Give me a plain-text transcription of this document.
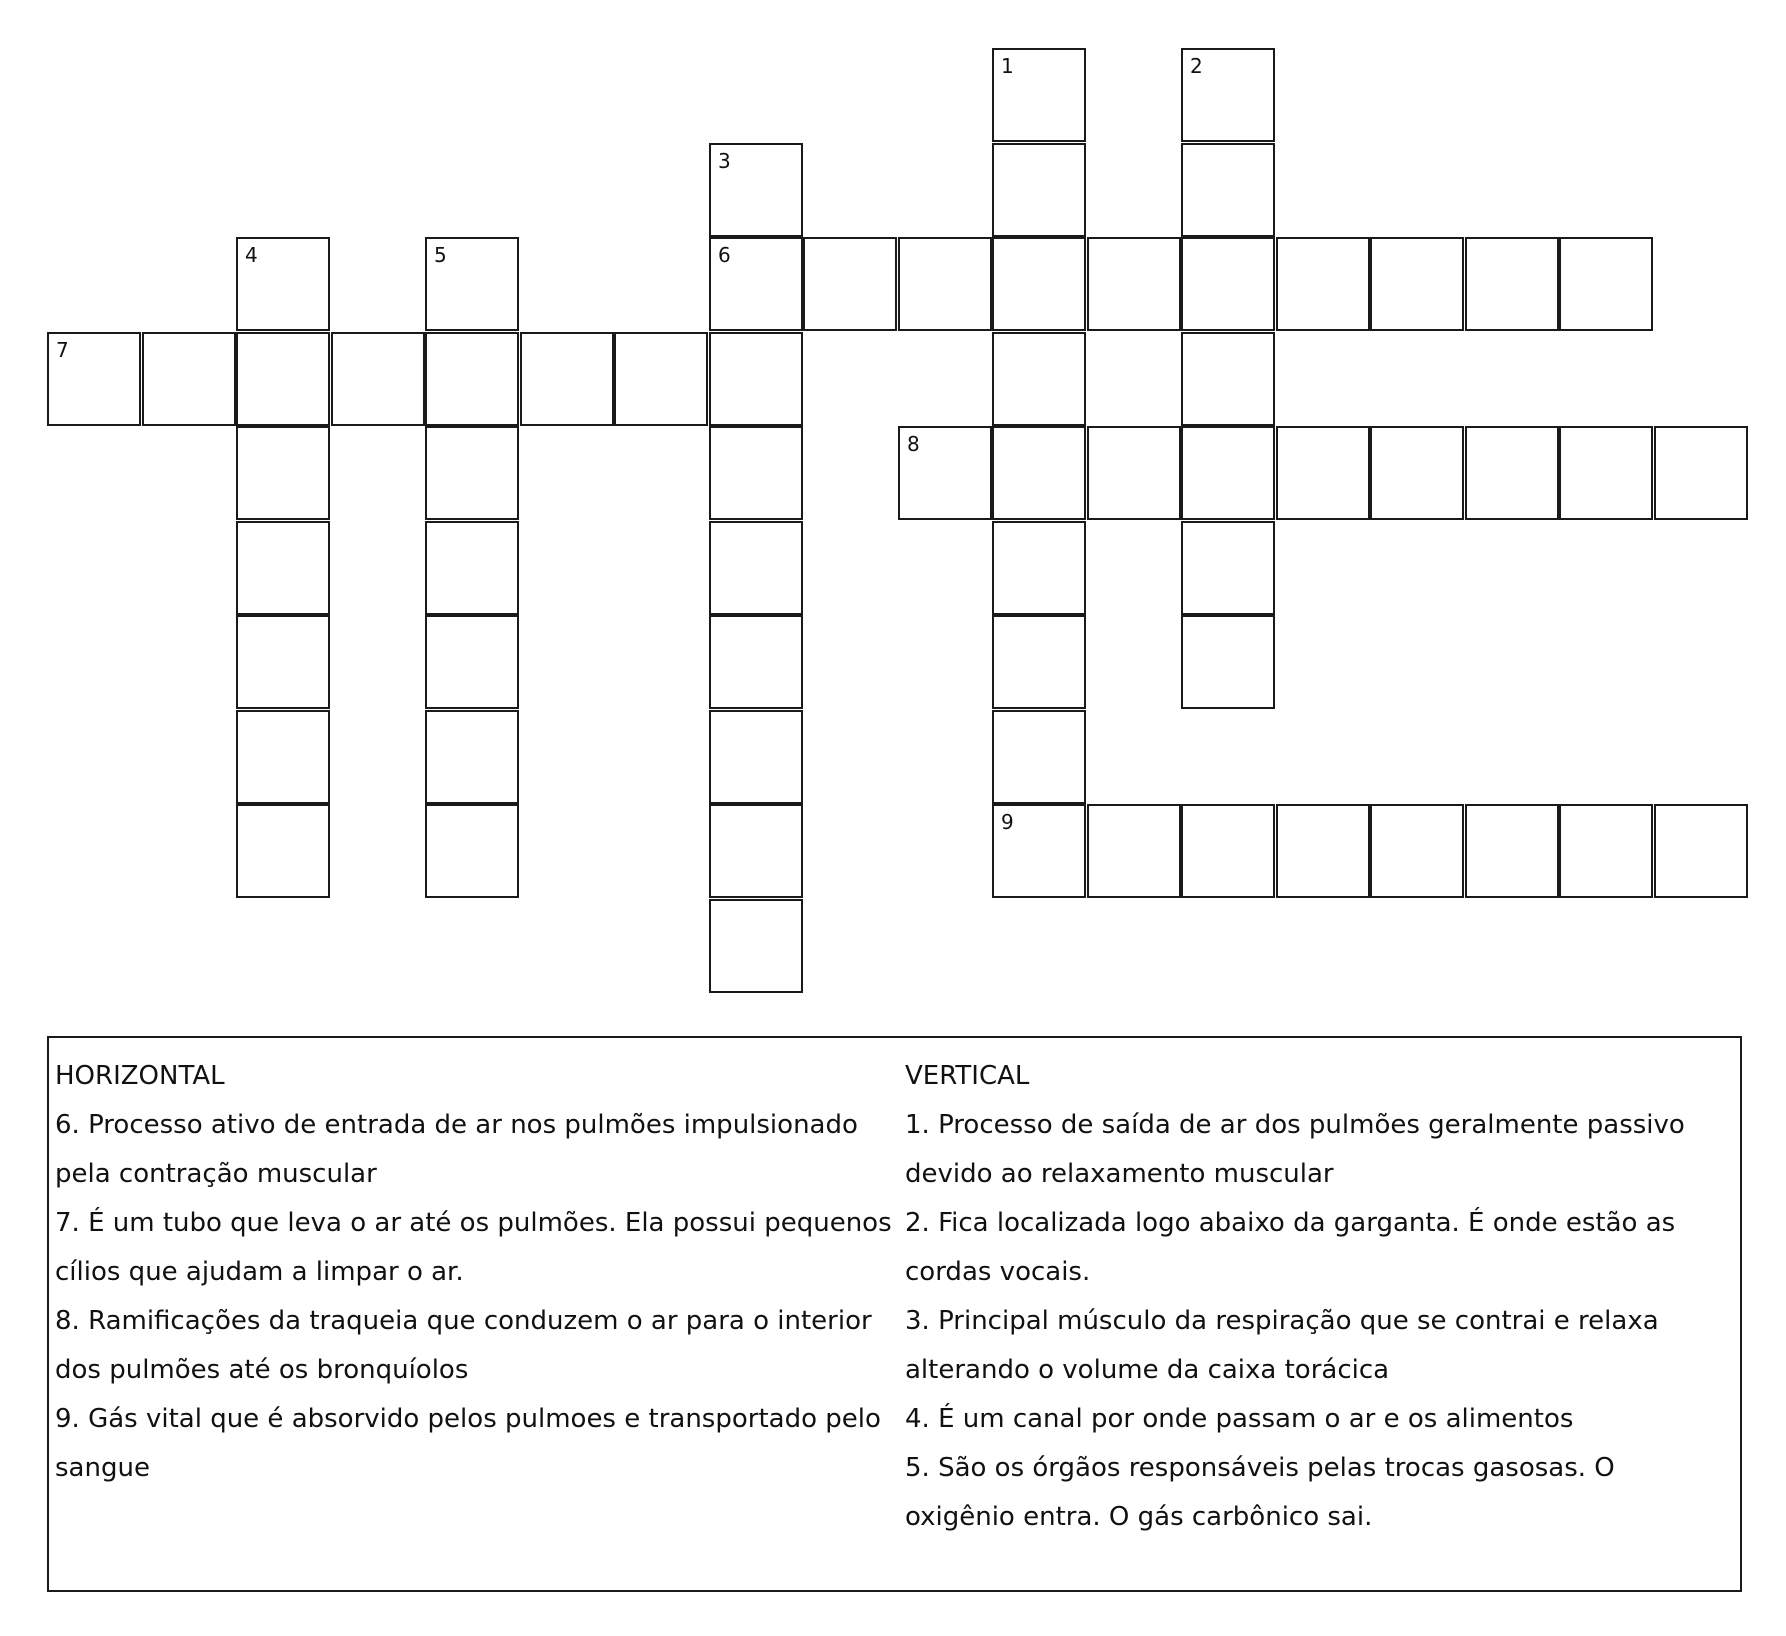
1	2
3
6
4	5
7
8
9
HORIZONTAL
6. Processo ativo de entrada de ar nos pulmões impulsionado pela contração muscular
7. É um tubo que leva o ar até os pulmões. Ela possui pequenos cílios que ajudam a limpar o ar.
8. Ramificações da traqueia que conduzem o ar para o interior dos pulmões até os bronquíolos
9. Gás vital que é absorvido pelos pulmoes e transportado pelo sangue
VERTICAL
1. Processo de saída de ar dos pulmões geralmente passivo devido ao relaxamento muscular
2. Fica localizada logo abaixo da garganta. É onde estão as cordas vocais.
3. Principal músculo da respiração que se contrai e relaxa alterando o volume da caixa torácica
4. É um canal por onde passam o ar e os alimentos
5. São os órgãos responsáveis pelas trocas gasosas. O oxigênio entra. O gás carbônico sai.
